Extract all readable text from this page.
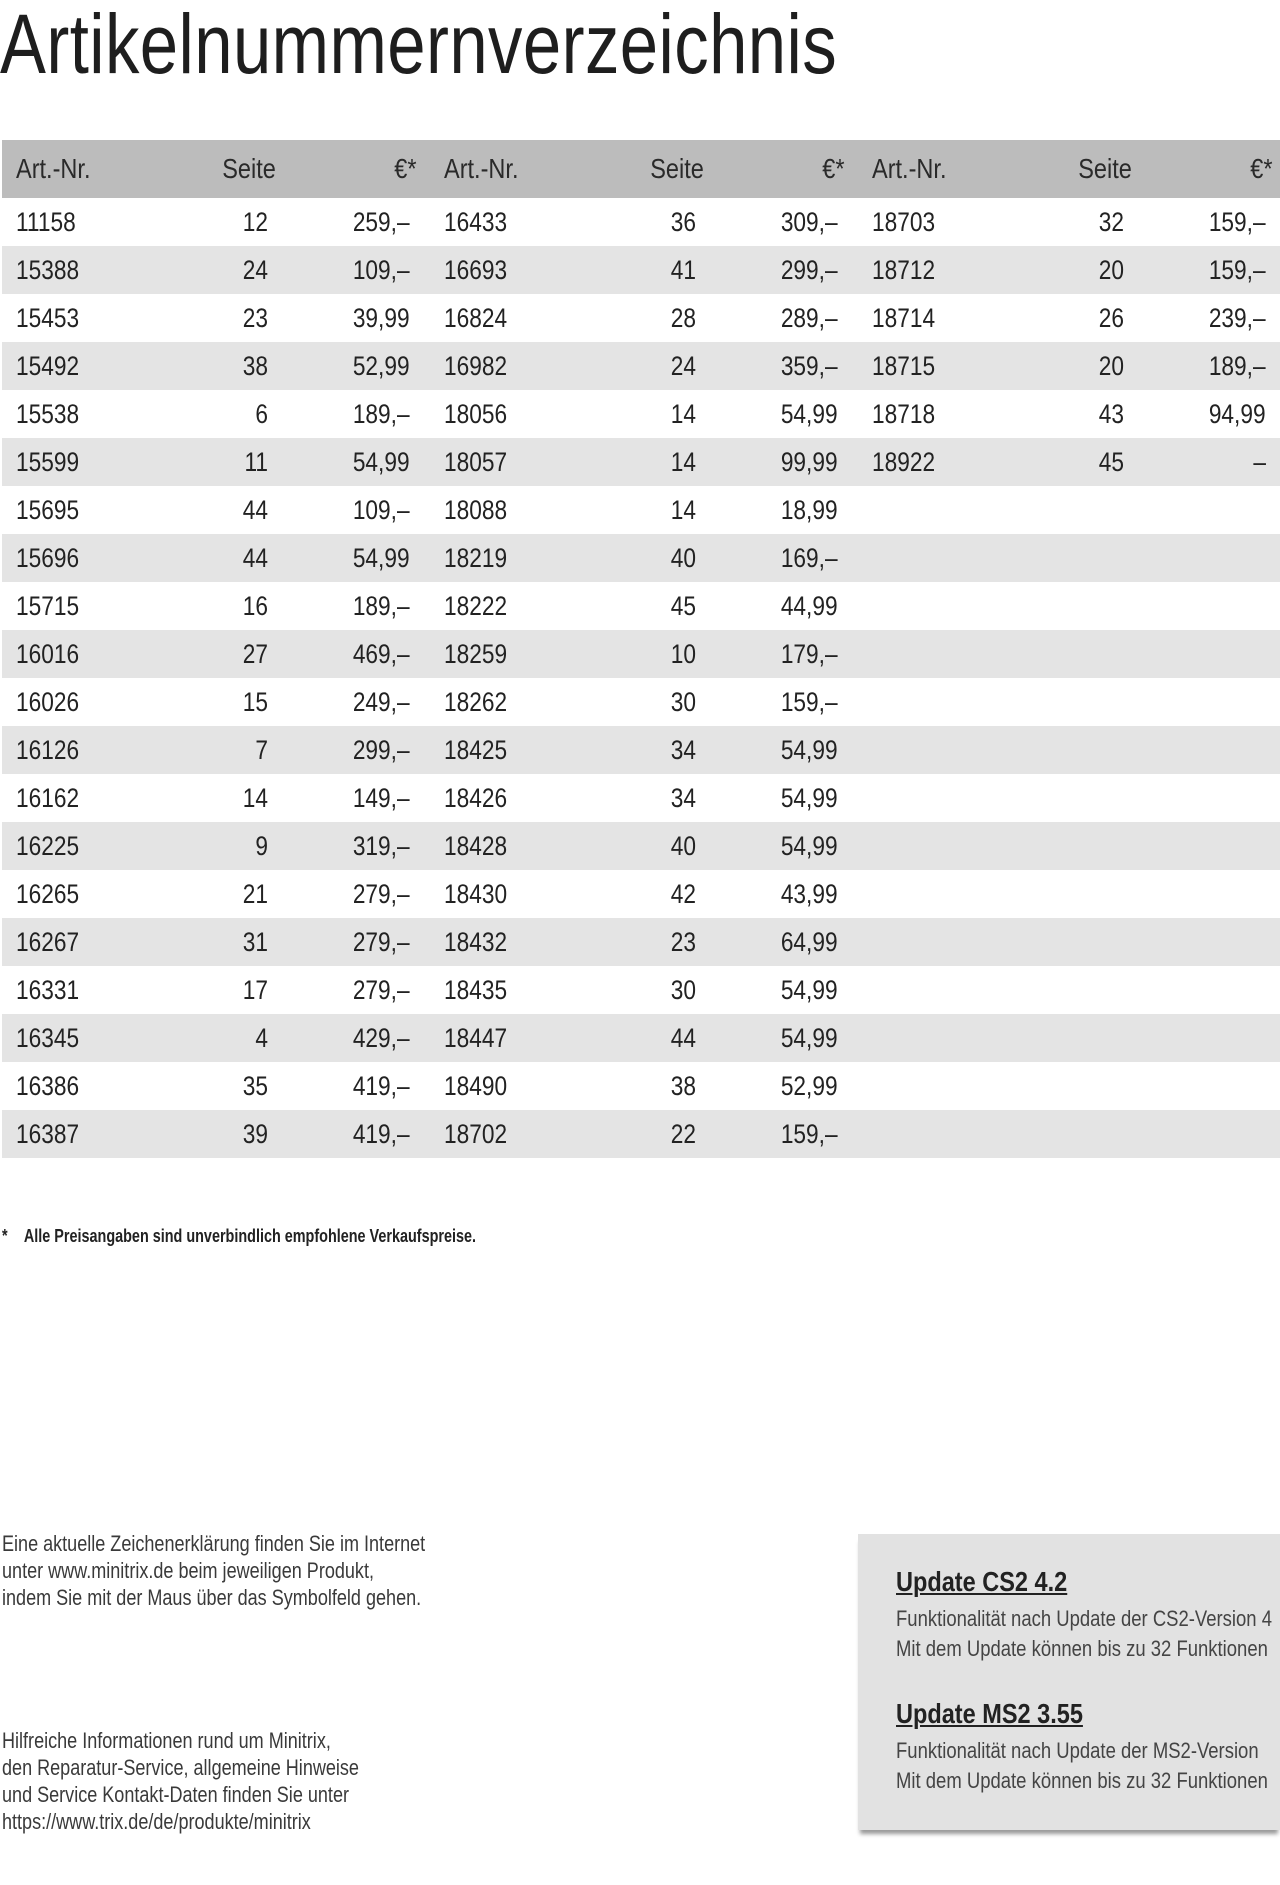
Artikelnummernverzeichnis
Art.-Nr.	Seite	€*
11158	12	259,–
15388	24	109,–
15453	23	39,99
15492	38	52,99
15538	6	189,–
15599	11	54,99
15695	44	109,–
15696	44	54,99
15715	16	189,–
16016	27	469,–
16026	15	249,–
16126	7	299,–
16162	14	149,–
16225	9	319,–
16265	21	279,–
16267	31	279,–
16331	17	279,–
16345	4	429,–
16386	35	419,–
16387	39	419,–
Art.-Nr.	Seite	€*
16433	36	309,–
16693	41	299,–
16824	28	289,–
16982	24	359,–
18056	14	54,99
18057	14	99,99
18088	14	18,99
18219	40	169,–
18222	45	44,99
18259	10	179,–
18262	30	159,–
18425	34	54,99
18426	34	54,99
18428	40	54,99
18430	42	43,99
18432	23	64,99
18435	30	54,99
18447	44	54,99
18490	38	52,99
18702	22	159,–
Art.-Nr.	Seite	€*
18703	32	159,–
18712	20	159,–
18714	26	239,–
18715	20	189,–
18718	43	94,99
18922	45	–

* Alle Preisangaben sind unverbindlich empfohlene Verkaufspreise.

Eine aktuelle Zeichenerklärung finden Sie im Internet

unter www.minitrix.de beim jeweiligen Produkt,

indem Sie mit der Maus über das Symbolfeld gehen.

Hilfreiche Informationen rund um Minitrix,

den Reparatur-Service, allgemeine Hinweise

und Service Kontakt-Daten finden Sie unter

https://www.trix.de/de/produkte/minitrix

Update CS2 4.2

Funktionalität nach Update der CS2-Version 4

Mit dem Update können bis zu 32 Funktionen

Update MS2 3.55

Funktionalität nach Update der MS2-Version

Mit dem Update können bis zu 32 Funktionen
